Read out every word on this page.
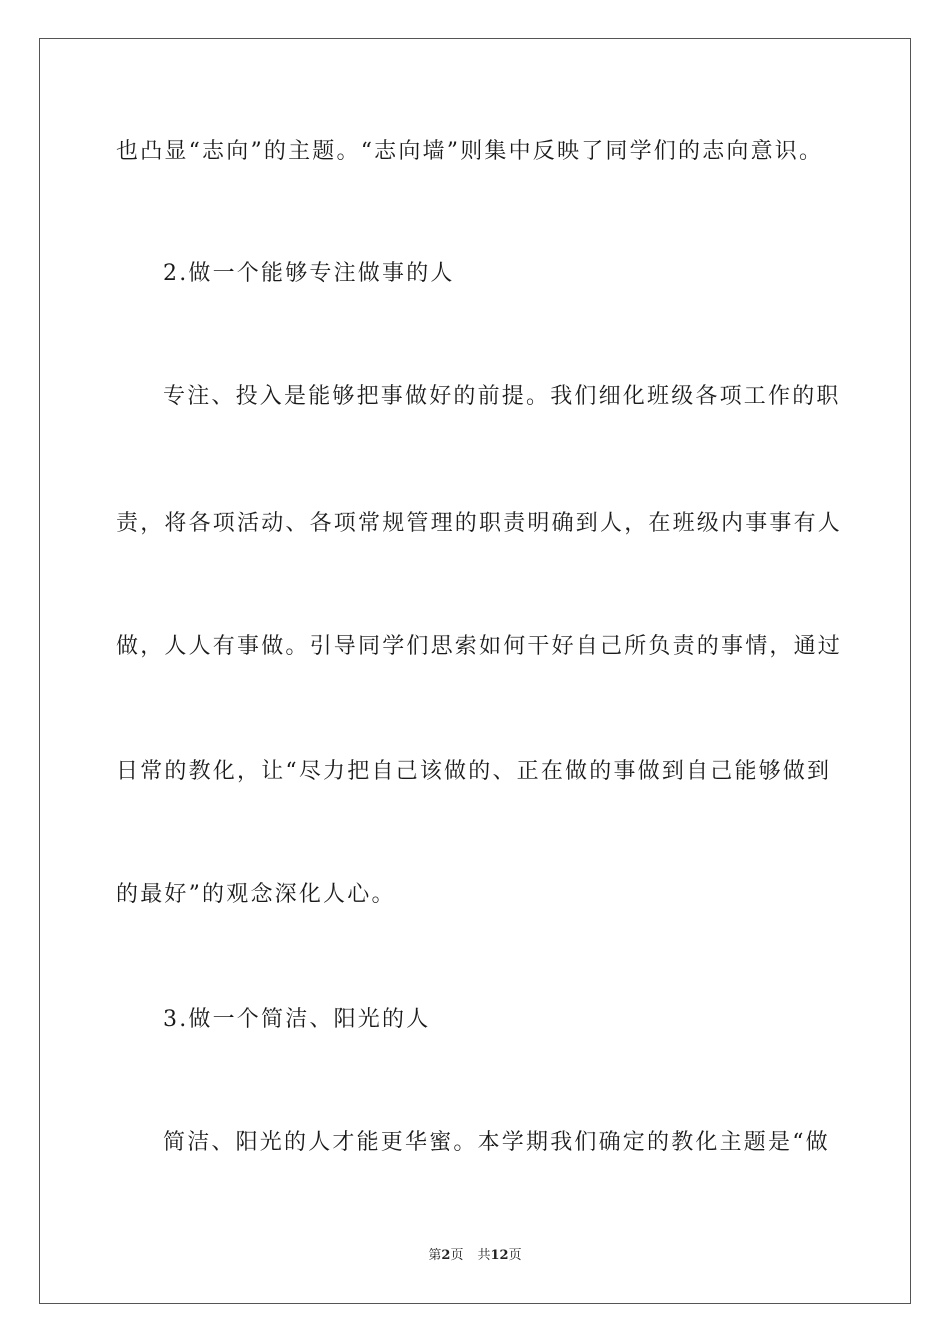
也凸显“志向”的主题。“志向墙”则集中反映了同学们的志向意识。
2.做一个能够专注做事的人
专注、投入是能够把事做好的前提。我们细化班级各项工作的职
责，将各项活动、各项常规管理的职责明确到人，在班级内事事有人
做，人人有事做。引导同学们思索如何干好自己所负责的事情，通过
日常的教化，让“尽力把自己该做的、正在做的事做到自己能够做到
的最好”的观念深化人心。
3.做一个简洁、阳光的人
简洁、阳光的人才能更华蜜。本学期我们确定的教化主题是“做
第2页 共12页
